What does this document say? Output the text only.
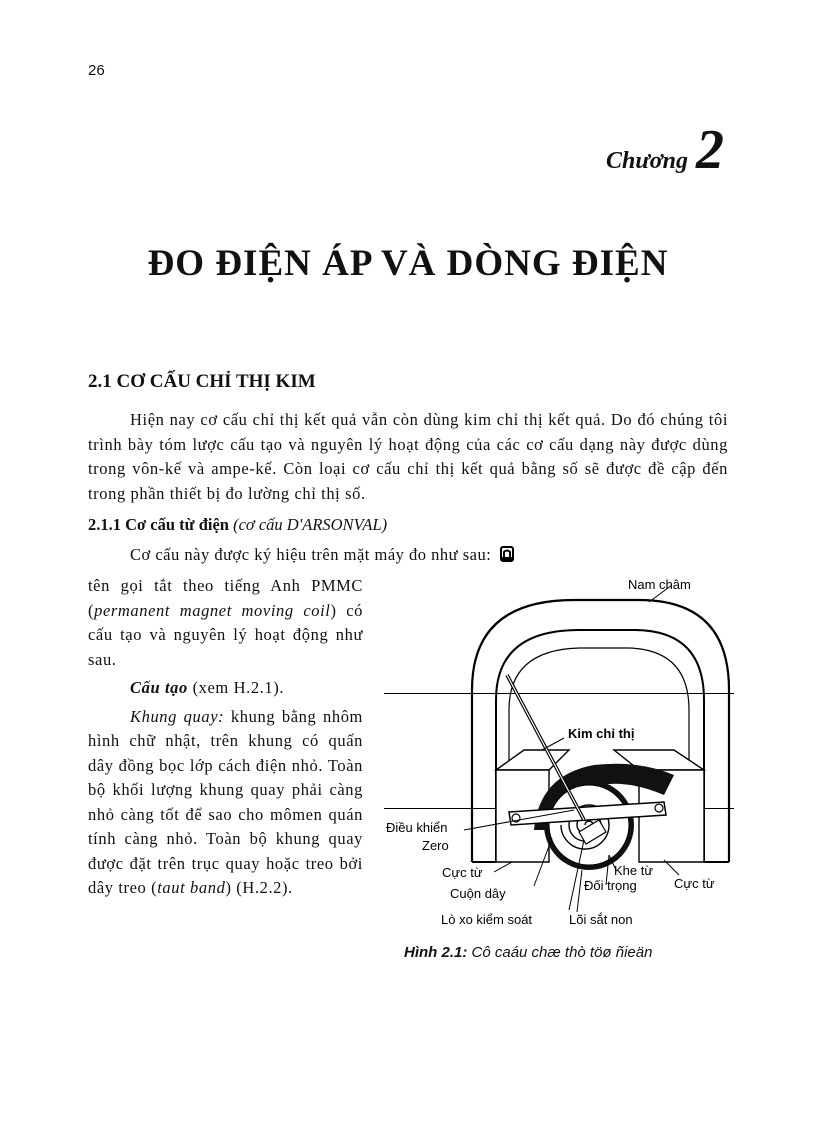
26
Chương 2
ĐO ĐIỆN ÁP VÀ DÒNG ĐIỆN
2.1 CƠ CẤU CHỈ THỊ KIM

Hiện nay cơ cấu chỉ thị kết quả vẫn còn dùng kim chỉ thị kết quả. Do đó chúng tôi trình bày tóm lược cấu tạo và nguyên lý hoạt động của các cơ cấu dạng này được dùng trong vôn-kế và ampe-kế. Còn loại cơ cấu chỉ thị kết quả bằng số sẽ được đề cập đến trong phần thiết bị đo lường chỉ thị số.

2.1.1 Cơ cấu từ điện (cơ cấu D'ARSONVAL)
Cơ cấu này được ký hiệu trên mặt máy đo như sau:

tên gọi tắt theo tiếng Anh PMMC (permanent magnet moving coil) có cấu tạo và nguyên lý hoạt động như sau.

Cấu tạo (xem H.2.1).

Khung quay: khung bằng nhôm hình chữ nhật, trên khung có quấn dây đồng bọc lớp cách điện nhỏ. Toàn bộ khối lượng khung quay phải càng nhỏ càng tốt để sao cho mômen quán tính càng nhỏ. Toàn bộ khung quay được đặt trên trục quay hoặc treo bởi dây treo (taut band) (H.2.2).

Nam châm
Kim chỉ thị
Điều khiển
Zero
Cực từ
Cuộn dây
Khe từ
Đối trọng	Cực từ
Lò xo kiểm soát	Lõi sắt non
Hình 2.1: Cô caáu chæ thò töø ñieän
